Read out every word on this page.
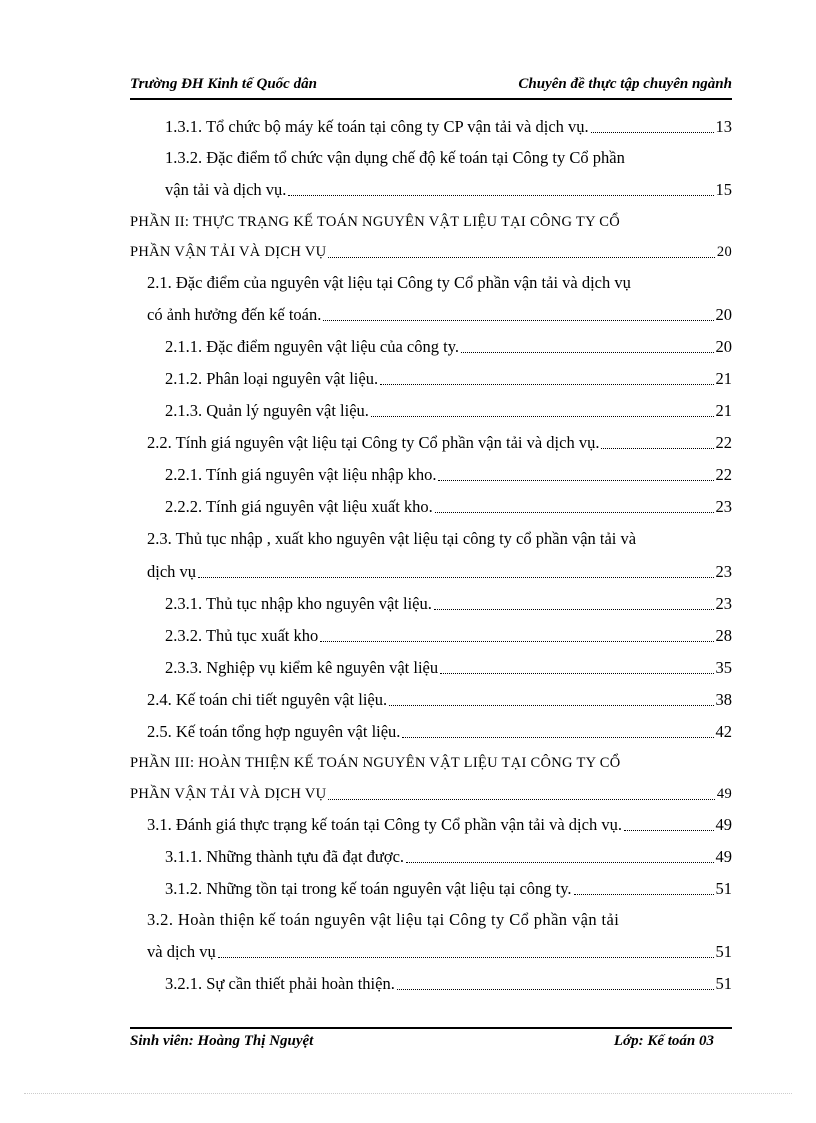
Trường ĐH Kinh tế Quốc dân	Chuyên đề thực tập chuyên ngành
1.3.1. Tổ chức bộ máy kế toán tại công ty CP vận tải và dịch vụ.	13
1.3.2. Đặc điểm tổ chức vận dụng chế độ kế toán tại Công ty Cổ phần
vận tải và dịch vụ.	15
PHẦN II: THỰC TRẠNG KẾ TOÁN NGUYÊN VẬT LIỆU TẠI CÔNG TY CỔ
PHẦN VẬN TẢI VÀ DỊCH VỤ	20
2.1. Đặc điểm của nguyên vật liệu tại Công ty Cổ phần vận tải và dịch vụ
có ảnh hưởng đến kế toán.	20
2.1.1. Đặc điểm nguyên vật liệu của công ty.	20
2.1.2. Phân loại nguyên vật liệu.	21
2.1.3. Quản lý nguyên vật liệu.	21
2.2. Tính giá nguyên vật liệu tại Công ty Cổ phần vận tải và dịch vụ.	22
2.2.1. Tính giá nguyên vật liệu nhập kho.	22
2.2.2. Tính giá nguyên vật liệu xuất kho.	23
2.3. Thủ tục nhập , xuất kho nguyên vật liệu tại công ty cổ phần vận tải và
dịch vụ	23
2.3.1. Thủ tục nhập kho nguyên vật liệu.	23
2.3.2. Thủ tục xuất kho	28
2.3.3. Nghiệp vụ kiểm kê nguyên vật liệu	35
2.4. Kế toán chi tiết nguyên vật liệu.	38
2.5. Kế toán tổng hợp nguyên vật liệu.	42
PHẦN III: HOÀN THIỆN KẾ TOÁN NGUYÊN VẬT LIỆU TẠI CÔNG TY CỔ
PHẦN VẬN TẢI VÀ DỊCH VỤ	49
3.1. Đánh giá thực trạng kế toán tại Công ty Cổ phần vận tải và dịch vụ.	49
3.1.1. Những thành tựu đã đạt được.	49
3.1.2. Những tồn tại trong kế toán nguyên vật liệu tại công ty.	51
3.2. Hoàn thiện kế toán nguyên vật liệu tại Công ty Cổ phần vận tải
và dịch vụ	51
3.2.1. Sự cần thiết phải hoàn thiện.	51
Sinh viên: Hoàng Thị Nguyệt	Lớp: Kế toán 03
